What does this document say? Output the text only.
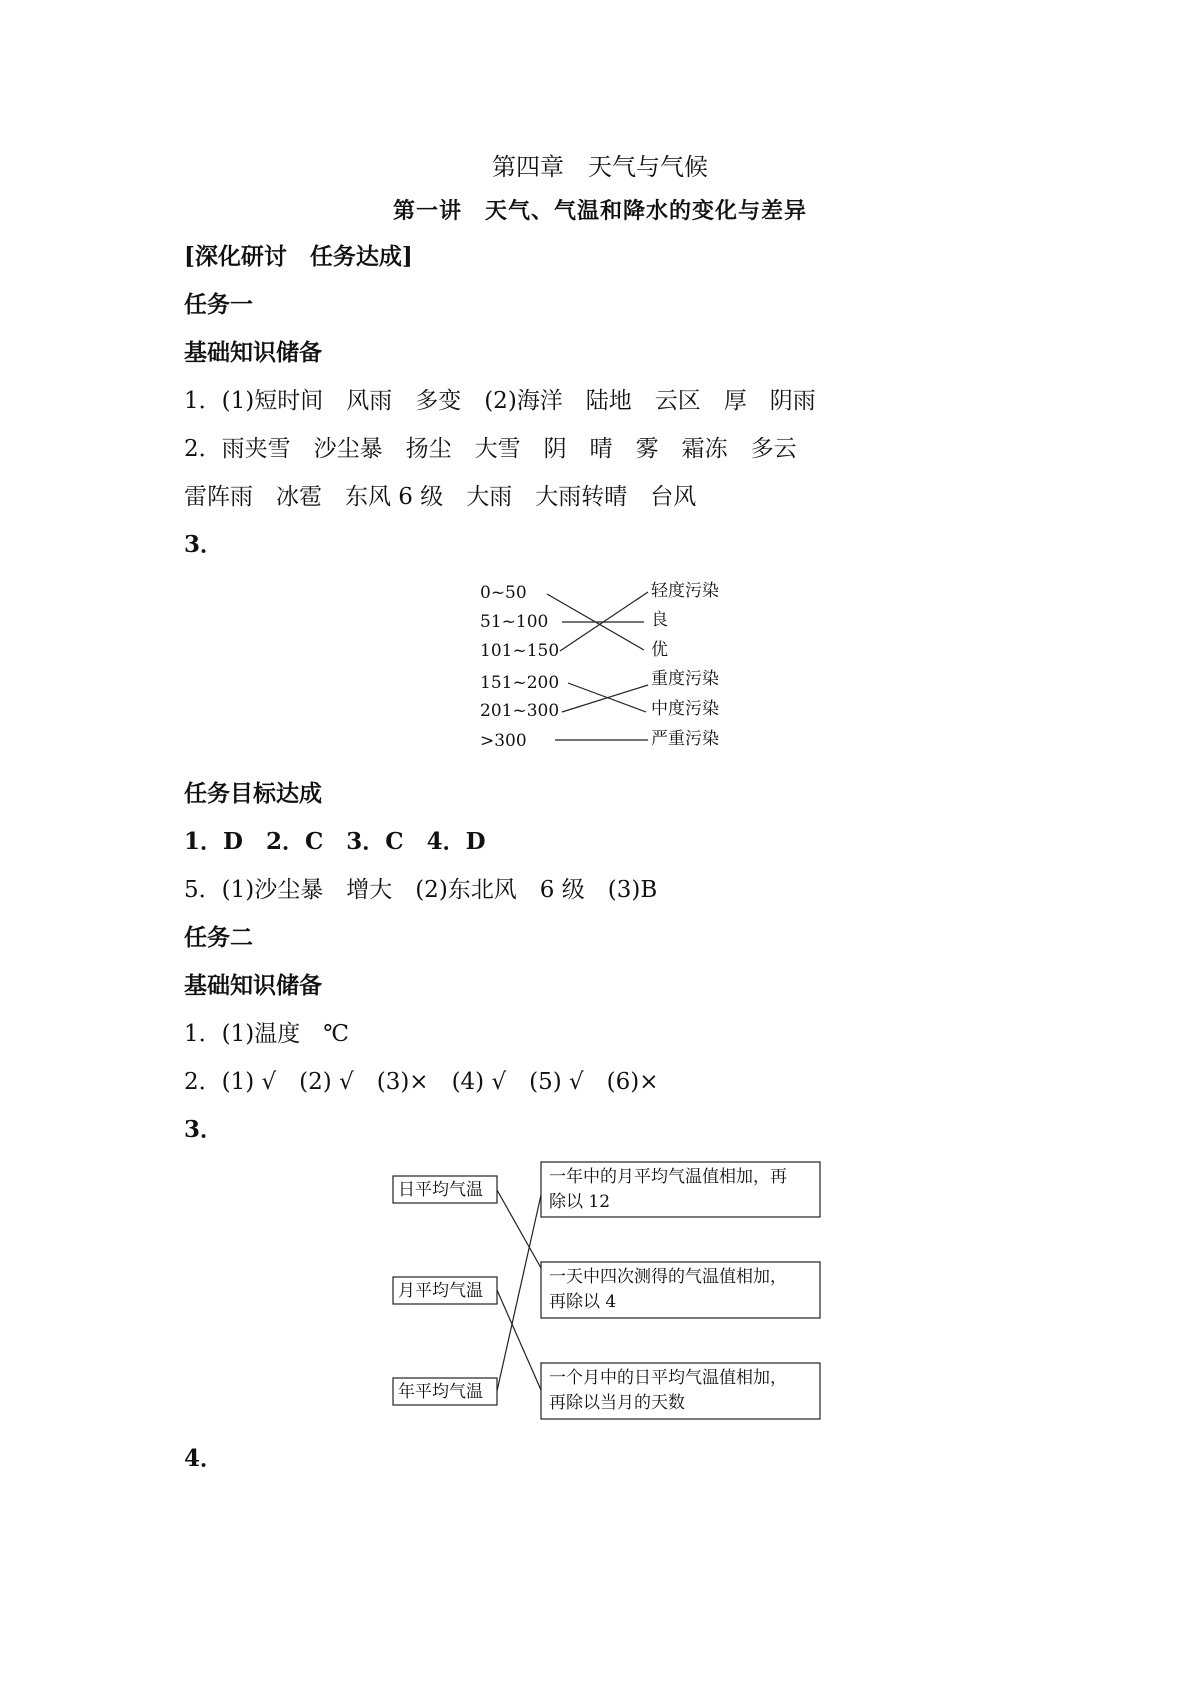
第四章　天气与气候
第一讲　天气、气温和降水的变化与差异
[深化研讨　任务达成]
任务一
基础知识储备
1．(1)短时间　风雨　多变　(2)海洋　陆地　云区　厚　阴雨
2．雨夹雪　沙尘暴　扬尘　大雪　阴　晴　雾　霜冻　多云
雷阵雨　冰雹　东风 6 级　大雨　大雨转晴　台风
3．
0~50
51~100
101~150
151~200
201~300
>300
轻度污染
良
优
重度污染
中度污染
严重污染
任务目标达成
1．D　2．C　3．C　4．D
5．(1)沙尘暴　增大　(2)东北风　6 级　(3)B
任务二
基础知识储备
1．(1)温度　℃
2．(1) √　(2) √　(3)×　(4) √　(5) √　(6)×
3．
日平均气温
月平均气温
年平均气温
一年中的月平均气温值相加，再
除以 12
一天中四次测得的气温值相加，
再除以 4
一个月中的日平均气温值相加，
再除以当月的天数
4．
